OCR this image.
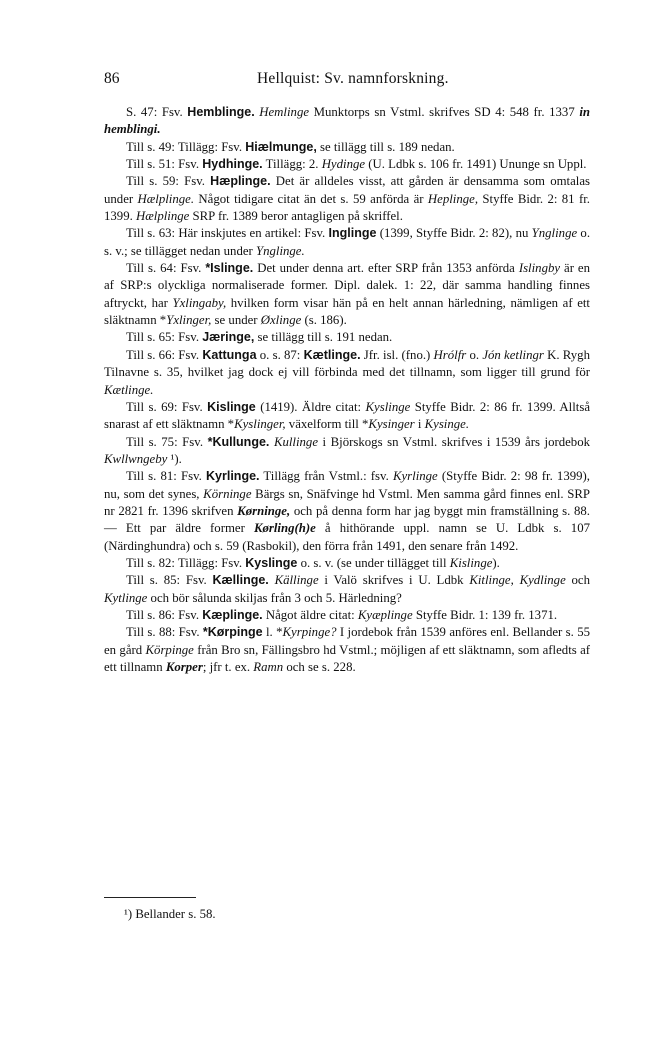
86	Hellquist: Sv. namnforskning.

S. 47: Fsv. Hemblinge. Hemlinge Munktorps sn Vstml. skrifves SD 4: 548 fr. 1337 in hemblingi.

Till s. 49: Tillägg: Fsv. Hiælmunge, se tillägg till s. 189 nedan.

Till s. 51: Fsv. Hydhinge. Tillägg: 2. Hydinge (U. Ldbk s. 106 fr. 1491) Ununge sn Uppl.

Till s. 59: Fsv. Hæplinge. Det är alldeles visst, att gården är densamma som omtalas under Hælplinge. Något tidigare citat än det s. 59 anförda är Heplinge, Styffe Bidr. 2: 81 fr. 1399. Hælplinge SRP fr. 1389 beror antagligen på skriffel.

Till s. 63: Här inskjutes en artikel: Fsv. Inglinge (1399, Styffe Bidr. 2: 82), nu Ynglinge o. s. v.; se tillägget nedan under Ynglinge.

Till s. 64: Fsv. *Islinge. Det under denna art. efter SRP från 1353 anförda Islingby är en af SRP:s olyckliga normaliserade former. Dipl. dalek. 1: 22, där samma handling finnes aftryckt, har Yxlingaby, hvilken form visar hän på en helt annan härledning, nämligen af ett släktnamn *Yxlinger, se under Øxlinge (s. 186).

Till s. 65: Fsv. Jæringe, se tillägg till s. 191 nedan.

Till s. 66: Fsv. Kattunga o. s. 87: Kætlinge. Jfr. isl. (fno.) Hrólfr o. Jón ketlingr K. Rygh Tilnavne s. 35, hvilket jag dock ej vill förbinda med det tillnamn, som ligger till grund för Kætlinge.

Till s. 69: Fsv. Kislinge (1419). Äldre citat: Kyslinge Styffe Bidr. 2: 86 fr. 1399. Alltså snarast af ett släktnamn *Kyslinger, växelform till *Kysinger i Kysinge.

Till s. 75: Fsv. *Kullunge. Kullinge i Björskogs sn Vstml. skrifves i 1539 års jordebok Kwllwngeby ¹).

Till s. 81: Fsv. Kyrlinge. Tillägg från Vstml.: fsv. Kyrlinge (Styffe Bidr. 2: 98 fr. 1399), nu, som det synes, Körninge Bärgs sn, Snäfvinge hd Vstml. Men samma gård finnes enl. SRP nr 2821 fr. 1396 skrifven Kørninge, och på denna form har jag byggt min framställning s. 88. — Ett par äldre former Kørling(h)e å hithörande uppl. namn se U. Ldbk s. 107 (Närdinghundra) och s. 59 (Rasbokil), den förra från 1491, den senare från 1492.

Till s. 82: Tillägg: Fsv. Kyslinge o. s. v. (se under tillägget till Kislinge).

Till s. 85: Fsv. Kællinge. Källinge i Valö skrifves i U. Ldbk Kitlinge, Kydlinge och Kytlinge och bör sålunda skiljas från 3 och 5. Härledning?

Till s. 86: Fsv. Kæplinge. Något äldre citat: Kyæplinge Styffe Bidr. 1: 139 fr. 1371.

Till s. 88: Fsv. *Kørpinge l. *Kyrpinge? I jordebok från 1539 anföres enl. Bellander s. 55 en gård Körpinge från Bro sn, Fällingsbro hd Vstml.; möjligen af ett släktnamn, som afledts af ett tillnamn Korper; jfr t. ex. Ramn och se s. 228.

¹) Bellander s. 58.
